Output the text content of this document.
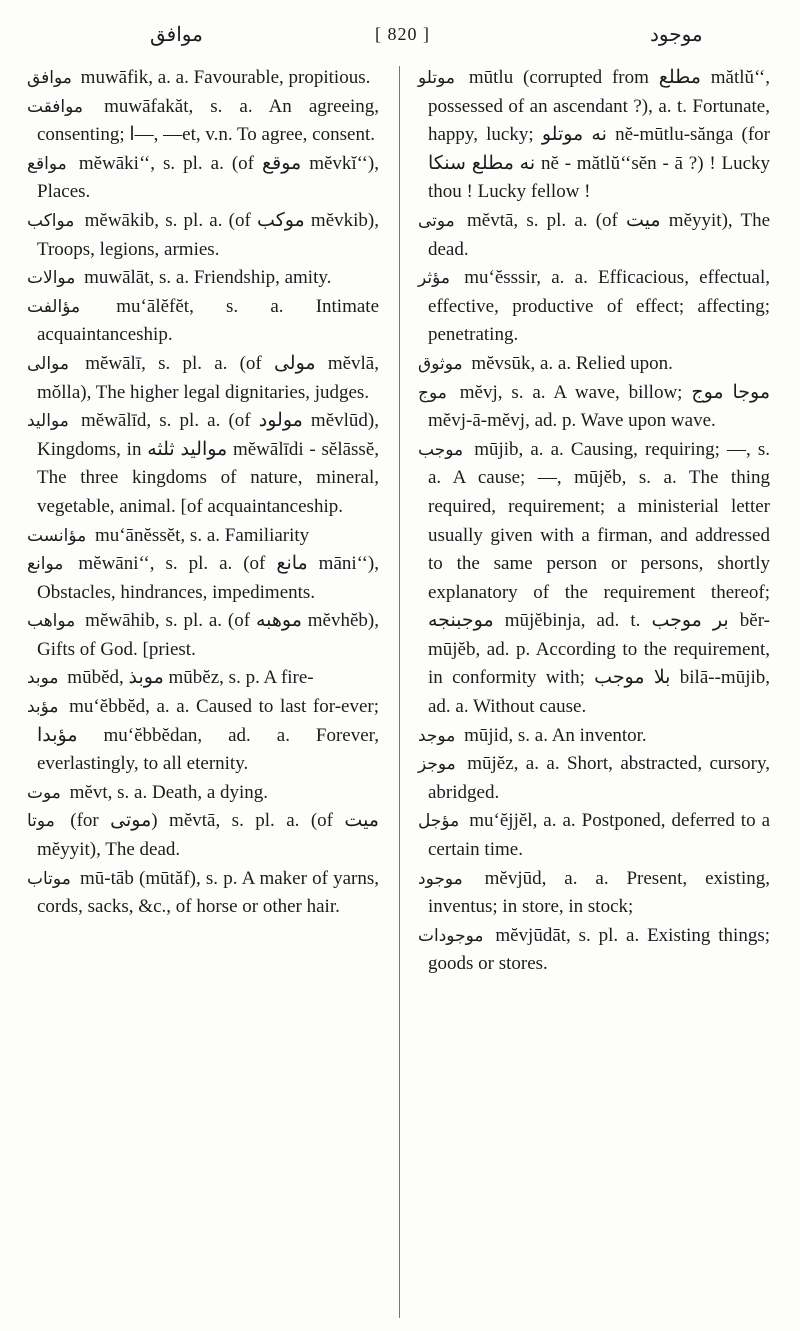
موافق	[ 820 ]	موجود

موافق muwāfik, a. a. Favourable, propitious.

موافقت muwāfakăt, s. a. An agreeing, consenting; ا—, —et, v.n. To agree, consent.

مواقع mĕwāki‘‘, s. pl. a. (of موقع mĕvkĭ‘‘), Places.

مواكب mĕwākib, s. pl. a. (of موكب mĕvkib), Troops, legions, armies.

موالات muwālāt, s. a. Friendship, amity.

مؤالفت mu‘ālĕfĕt, s. a. Intimate acquaintanceship.

موالى mĕwālī, s. pl. a. (of مولى mĕvlā, mŏlla), The higher legal dignitaries, judges.

مواليد mĕwālīd, s. pl. a. (of مولود mĕvlūd), Kingdoms, in مواليد ثلثه mĕwālīdi - sĕlāssĕ, The three kingdoms of nature, mineral, vegetable, animal. [of acquaintanceship.

مؤانست mu‘ānĕssĕt, s. a. Familiarity

موانع mĕwāni‘‘, s. pl. a. (of مانع māni‘‘), Obstacles, hindrances, impediments.

مواهب mĕwāhib, s. pl. a. (of موهبه mĕvhĕb), Gifts of God. [priest.

موبد mūbĕd, موبذ mūbĕz, s. p. A fire-

مؤبد mu‘ĕbbĕd, a. a. Caused to last for-ever; مؤبدا mu‘ĕbbĕdan, ad. a. Forever, everlastingly, to all eternity.

موت mĕvt, s. a. Death, a dying.

موتا (for موتى) mĕvtā, s. pl. a. (of ميت mĕyyit), The dead.

موتاب mū-tāb (mūtăf), s. p. A maker of yarns, cords, sacks, &c., of horse or other hair.

موتلو mūtlu (corrupted from مطلع mătlŭ‘‘, possessed of an ascendant ?), a. t. Fortunate, happy, lucky; نه موتلو nĕ-mūtlu-sănga (for نه مطلع سنكا nĕ - mătlŭ‘‘sĕn - ā ?) ! Lucky thou ! Lucky fellow !

موتى mĕvtā, s. pl. a. (of ميت mĕyyit), The dead.

مؤثر mu‘ĕsssir, a. a. Efficacious, effectual, effective, productive of effect; affecting; penetrating.

موثوق mĕvsūk, a. a. Relied upon.

موج mĕvj, s. a. A wave, billow; موجا موج mĕvj-ā-mĕvj, ad. p. Wave upon wave.

موجب mūjib, a. a. Causing, requiring; —, s. a. A cause; —, mūjĕb, s. a. The thing required, requirement; a ministerial letter usually given with a firman, and addressed to the same person or persons, shortly explanatory of the requirement thereof; موجبنجه mūjĕbinja, ad. t. بر موجب bĕr-mūjĕb, ad. p. According to the requirement, in conformity with; بلا موجب bilā--mūjib, ad. a. Without cause.

موجد mūjid, s. a. An inventor.

موجز mūjĕz, a. a. Short, abstracted, cursory, abridged.

مؤجل mu‘ĕjjĕl, a. a. Postponed, deferred to a certain time.

موجود mĕvjūd, a. a. Present, existing, inventus; in store, in stock;

موجودات mĕvjūdāt, s. pl. a. Existing things; goods or stores.
